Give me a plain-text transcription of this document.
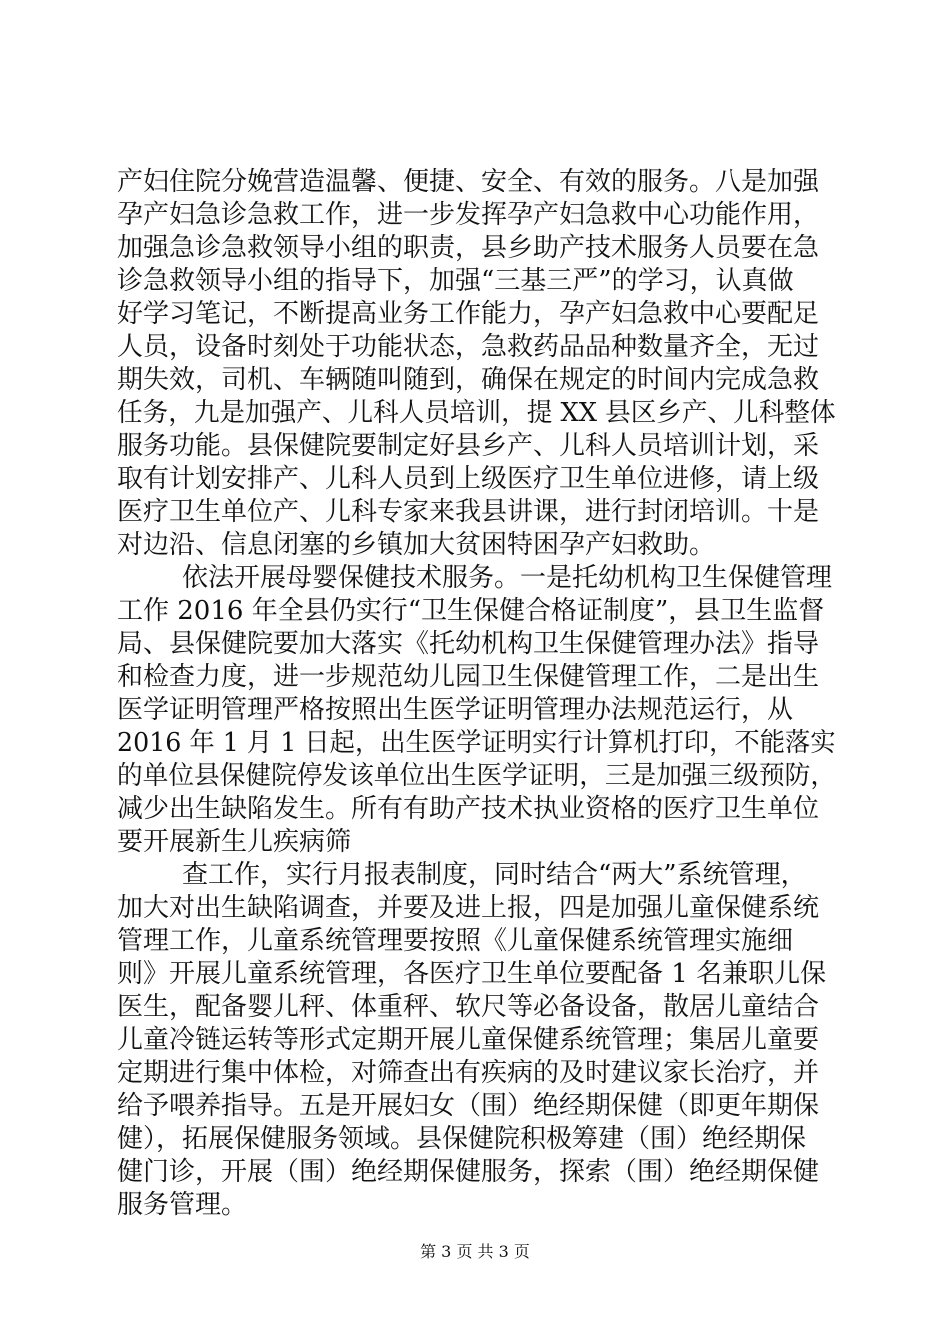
产妇住院分娩营造温馨、便捷、安全、有效的服务。八是加强
孕产妇急诊急救工作，进一步发挥孕产妇急救中心功能作用，
加强急诊急救领导小组的职责，县乡助产技术服务人员要在急
诊急救领导小组的指导下，加强“三基三严”的学习，认真做
好学习笔记，不断提高业务工作能力，孕产妇急救中心要配足
人员，设备时刻处于功能状态，急救药品品种数量齐全，无过
期失效，司机、车辆随叫随到，确保在规定的时间内完成急救
任务，九是加强产、儿科人员培训，提 XX 县区乡产、儿科整体
服务功能。县保健院要制定好县乡产、儿科人员培训计划，采
取有计划安排产、儿科人员到上级医疗卫生单位进修，请上级
医疗卫生单位产、儿科专家来我县讲课，进行封闭培训。十是
对边沿、信息闭塞的乡镇加大贫困特困孕产妇救助。
依法开展母婴保健技术服务。一是托幼机构卫生保健管理
工作 2016 年全县仍实行“卫生保健合格证制度”，县卫生监督
局、县保健院要加大落实《托幼机构卫生保健管理办法》指导
和检查力度，进一步规范幼儿园卫生保健管理工作，二是出生
医学证明管理严格按照出生医学证明管理办法规范运行，从
2016 年 1 月 1 日起，出生医学证明实行计算机打印，不能落实
的单位县保健院停发该单位出生医学证明，三是加强三级预防，
减少出生缺陷发生。所有有助产技术执业资格的医疗卫生单位
要开展新生儿疾病筛
查工作，实行月报表制度，同时结合“两大”系统管理，
加大对出生缺陷调查，并要及进上报，四是加强儿童保健系统
管理工作，儿童系统管理要按照《儿童保健系统管理实施细
则》开展儿童系统管理，各医疗卫生单位要配备 1 名兼职儿保
医生，配备婴儿秤、体重秤、软尺等必备设备，散居儿童结合
儿童冷链运转等形式定期开展儿童保健系统管理；集居儿童要
定期进行集中体检，对筛查出有疾病的及时建议家长治疗，并
给予喂养指导。五是开展妇女（围）绝经期保健（即更年期保
健），拓展保健服务领域。县保健院积极筹建（围）绝经期保
健门诊，开展（围）绝经期保健服务，探索（围）绝经期保健
服务管理。
第 3 页 共 3 页
